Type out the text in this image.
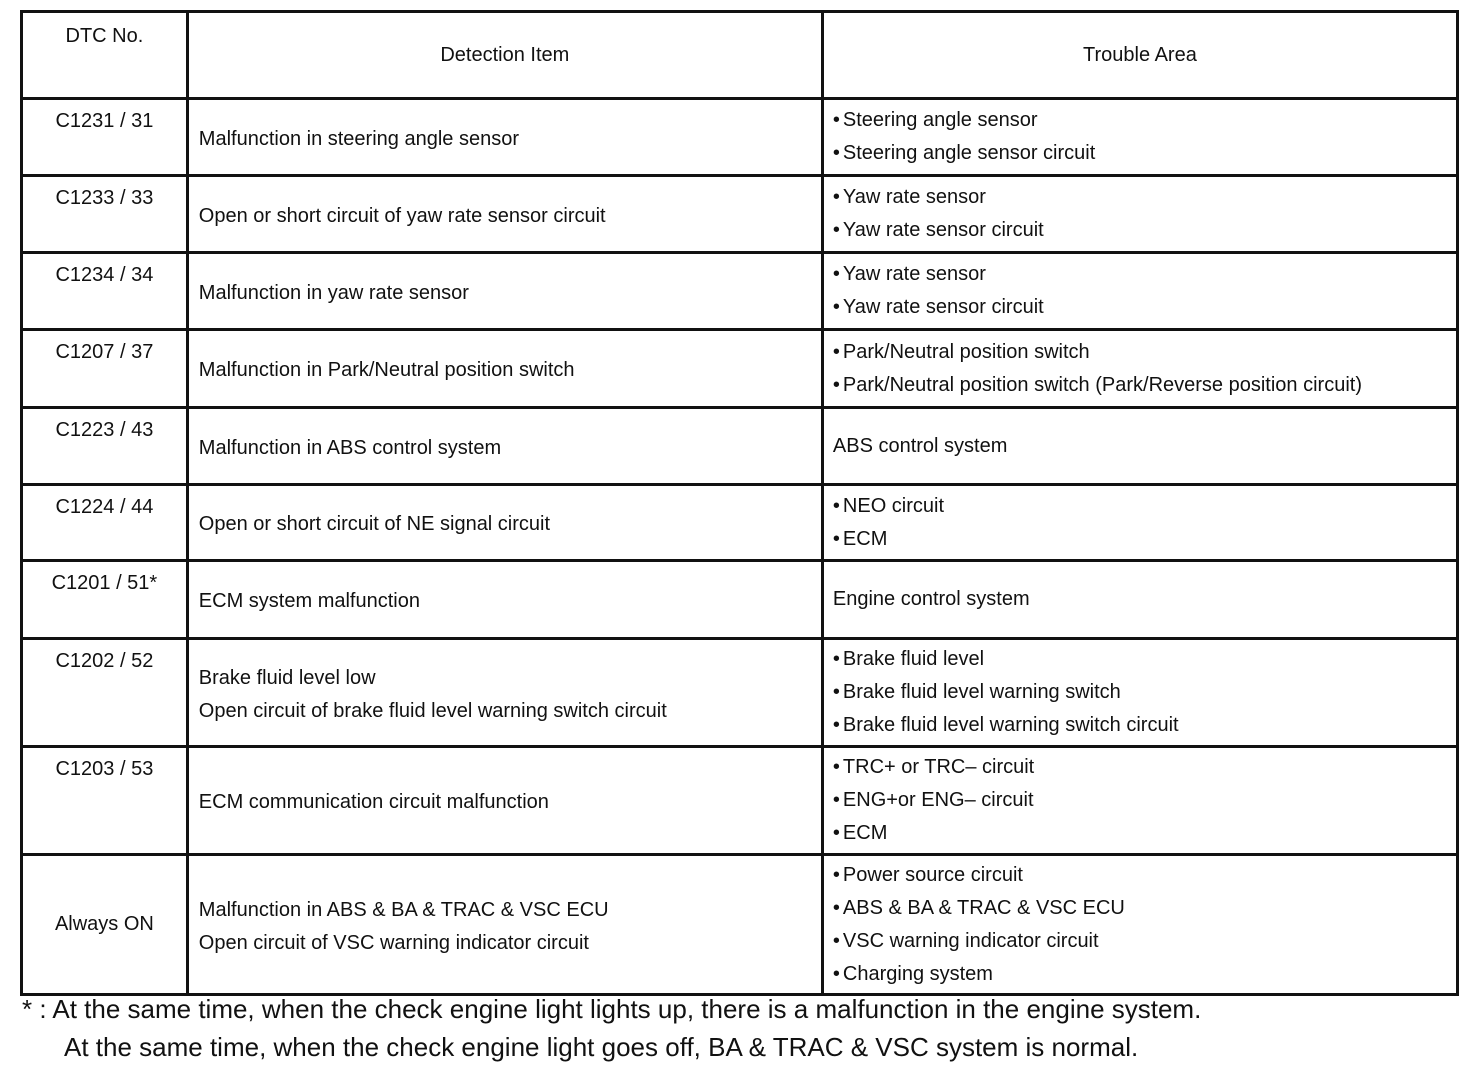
DTC No.	Detection Item	Trouble Area
C1231 / 31	Malfunction in steering angle sensor	• Steering angle sensor
• Steering angle sensor circuit

C1233 / 33	Open or short circuit of yaw rate sensor circuit	• Yaw rate sensor
• Yaw rate sensor circuit

C1234 / 34	Malfunction in yaw rate sensor	• Yaw rate sensor
• Yaw rate sensor circuit

C1207 / 37	Malfunction in Park/Neutral position switch	• Park/Neutral position switch
• Park/Neutral position switch (Park/Reverse position circuit)

C1223 / 43	Malfunction in ABS control system	ABS control system

C1224 / 44	Open or short circuit of NE signal circuit	• NEO circuit
• ECM

C1201 / 51*	ECM system malfunction	Engine control system

C1202 / 52	Brake fluid level low
Open circuit of brake fluid level warning switch circuit	• Brake fluid level
• Brake fluid level warning switch
• Brake fluid level warning switch circuit

C1203 / 53	ECM communication circuit malfunction	• TRC+ or TRC– circuit
• ENG+or ENG– circuit
• ECM

Always ON	Malfunction in ABS & BA & TRAC & VSC ECU
Open circuit of VSC warning indicator circuit	• Power source circuit
• ABS & BA & TRAC & VSC ECU
• VSC warning indicator circuit
• Charging system
* : At the same time, when the check engine light lights up, there is a malfunction in the engine system.
At the same time, when the check engine light goes off, BA & TRAC & VSC system is normal.
